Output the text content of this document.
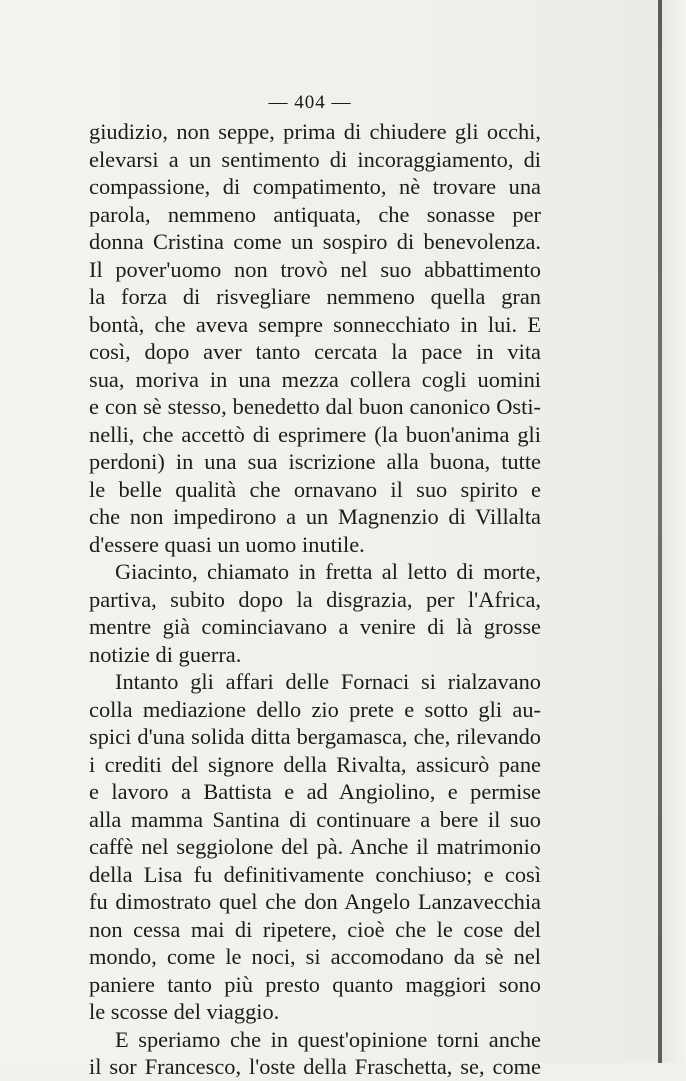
— 404 —
giudizio, non seppe, prima di chiudere gli occhi,
elevarsi a un sentimento di incoraggiamento, di
compassione, di compatimento, nè trovare una
parola, nemmeno antiquata, che sonasse per
donna Cristina come un sospiro di benevolenza.
Il pover'uomo non trovò nel suo abbattimento
la forza di risvegliare nemmeno quella gran
bontà, che aveva sempre sonnecchiato in lui. E
così, dopo aver tanto cercata la pace in vita
sua, moriva in una mezza collera cogli uomini
e con sè stesso, benedetto dal buon canonico Osti-
nelli, che accettò di esprimere (la buon'anima gli
perdoni) in una sua iscrizione alla buona, tutte
le belle qualità che ornavano il suo spirito e
che non impedirono a un Magnenzio di Villalta
d'essere quasi un uomo inutile.
Giacinto, chiamato in fretta al letto di morte,
partiva, subito dopo la disgrazia, per l'Africa,
mentre già cominciavano a venire di là grosse
notizie di guerra.
Intanto gli affari delle Fornaci si rialzavano
colla mediazione dello zio prete e sotto gli au-
spici d'una solida ditta bergamasca, che, rilevando
i crediti del signore della Rivalta, assicurò pane
e lavoro a Battista e ad Angiolino, e permise
alla mamma Santina di continuare a bere il suo
caffè nel seggiolone del pà. Anche il matrimonio
della Lisa fu definitivamente conchiuso; e così
fu dimostrato quel che don Angelo Lanzavecchia
non cessa mai di ripetere, cioè che le cose del
mondo, come le noci, si accomodano da sè nel
paniere tanto più presto quanto maggiori sono
le scosse del viaggio.
E speriamo che in quest'opinione torni anche
il sor Francesco, l'oste della Fraschetta, se, come
